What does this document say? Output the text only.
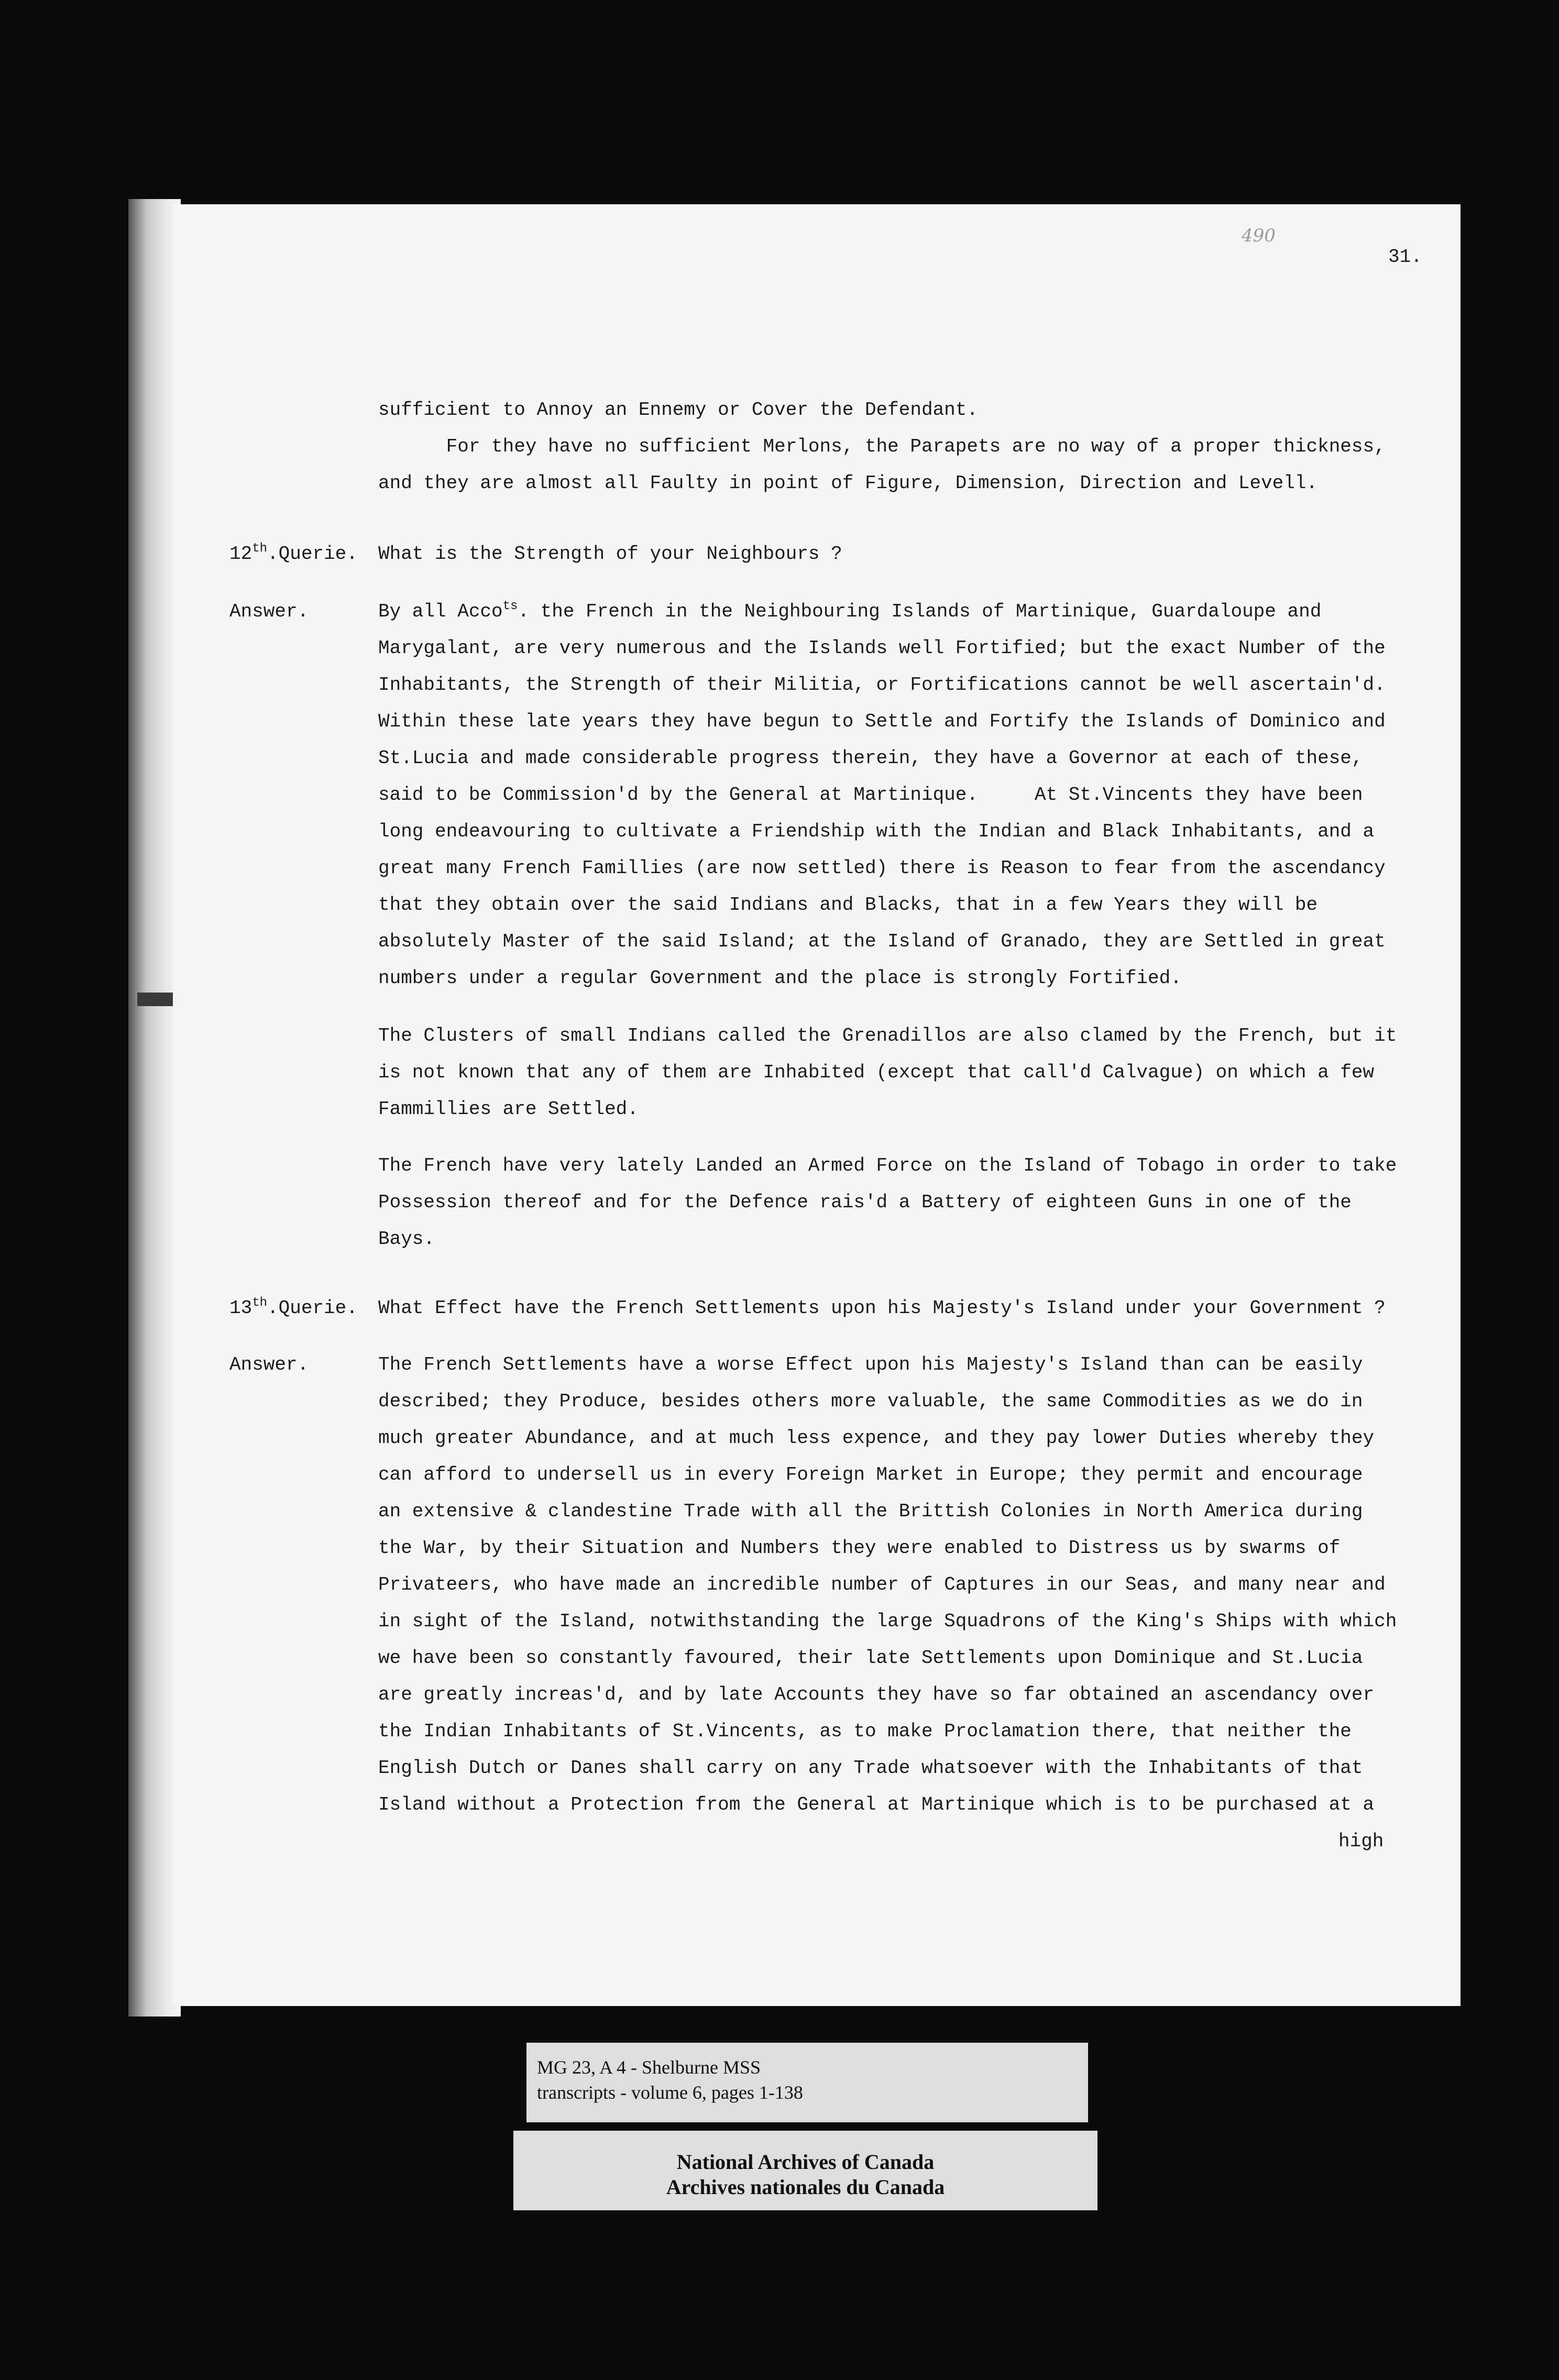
490
31.
sufficient to Annoy an Ennemy or Cover the Defendant.
For they have no sufficient Merlons, the Parapets are no way of a proper thickness,
and they are almost all Faulty in point of Figure, Dimension, Direction and Levell.
12th.Querie. What is the Strength of your Neighbours ?
Answer.	By all Acco$^{ts}$. the French in the Neighbouring Islands of Martinique, Guardaloupe and
Marygalant, are very numerous and the Islands well Fortified; but the exact Number of the
Inhabitants, the Strength of their Militia, or Fortifications cannot be well ascertain'd.
Within these late years they have begun to Settle and Fortify the Islands of Dominico and
St.Lucia and made considerable progress therein, they have a Governor at each of these,
said to be Commission'd by the General at Martinique.     At St.Vincents they have been
long endeavouring to cultivate a Friendship with the Indian and Black Inhabitants, and a
great many French Famillies (are now settled) there is Reason to fear from the ascendancy
that they obtain over the said Indians and Blacks, that in a few Years they will be
absolutely Master of the said Island; at the Island of Granado, they are Settled in great
numbers under a regular Government and the place is strongly Fortified.
The Clusters of small Indians called the Grenadillos are also clamed by the French, but it
is not known that any of them are Inhabited (except that call'd Calvague) on which a few
Fammillies are Settled.
The French have very lately Landed an Armed Force on the Island of Tobago in order to take
Possession thereof and for the Defence rais'd a Battery of eighteen Guns in one of the
Bays.
13th.Querie. What Effect have the French Settlements upon his Majesty's Island under your Government ?
Answer.	The French Settlements have a worse Effect upon his Majesty's Island than can be easily
described; they Produce, besides others more valuable, the same Commodities as we do in
much greater Abundance, and at much less expence, and they pay lower Duties whereby they
can afford to undersell us in every Foreign Market in Europe; they permit and encourage
an extensive & clandestine Trade with all the Brittish Colonies in North America during
the War, by their Situation and Numbers they were enabled to Distress us by swarms of
Privateers, who have made an incredible number of Captures in our Seas, and many near and
in sight of the Island, notwithstanding the large Squadrons of the King's Ships with which
we have been so constantly favoured, their late Settlements upon Dominique and St.Lucia
are greatly increas'd, and by late Accounts they have so far obtained an ascendancy over
the Indian Inhabitants of St.Vincents, as to make Proclamation there, that neither the
English Dutch or Danes shall carry on any Trade whatsoever with the Inhabitants of that
Island without a Protection from the General at Martinique which is to be purchased at a
high
MG 23, A 4 - Shelburne MSS
transcripts - volume 6, pages 1-138
National Archives of Canada
Archives nationales du Canada
